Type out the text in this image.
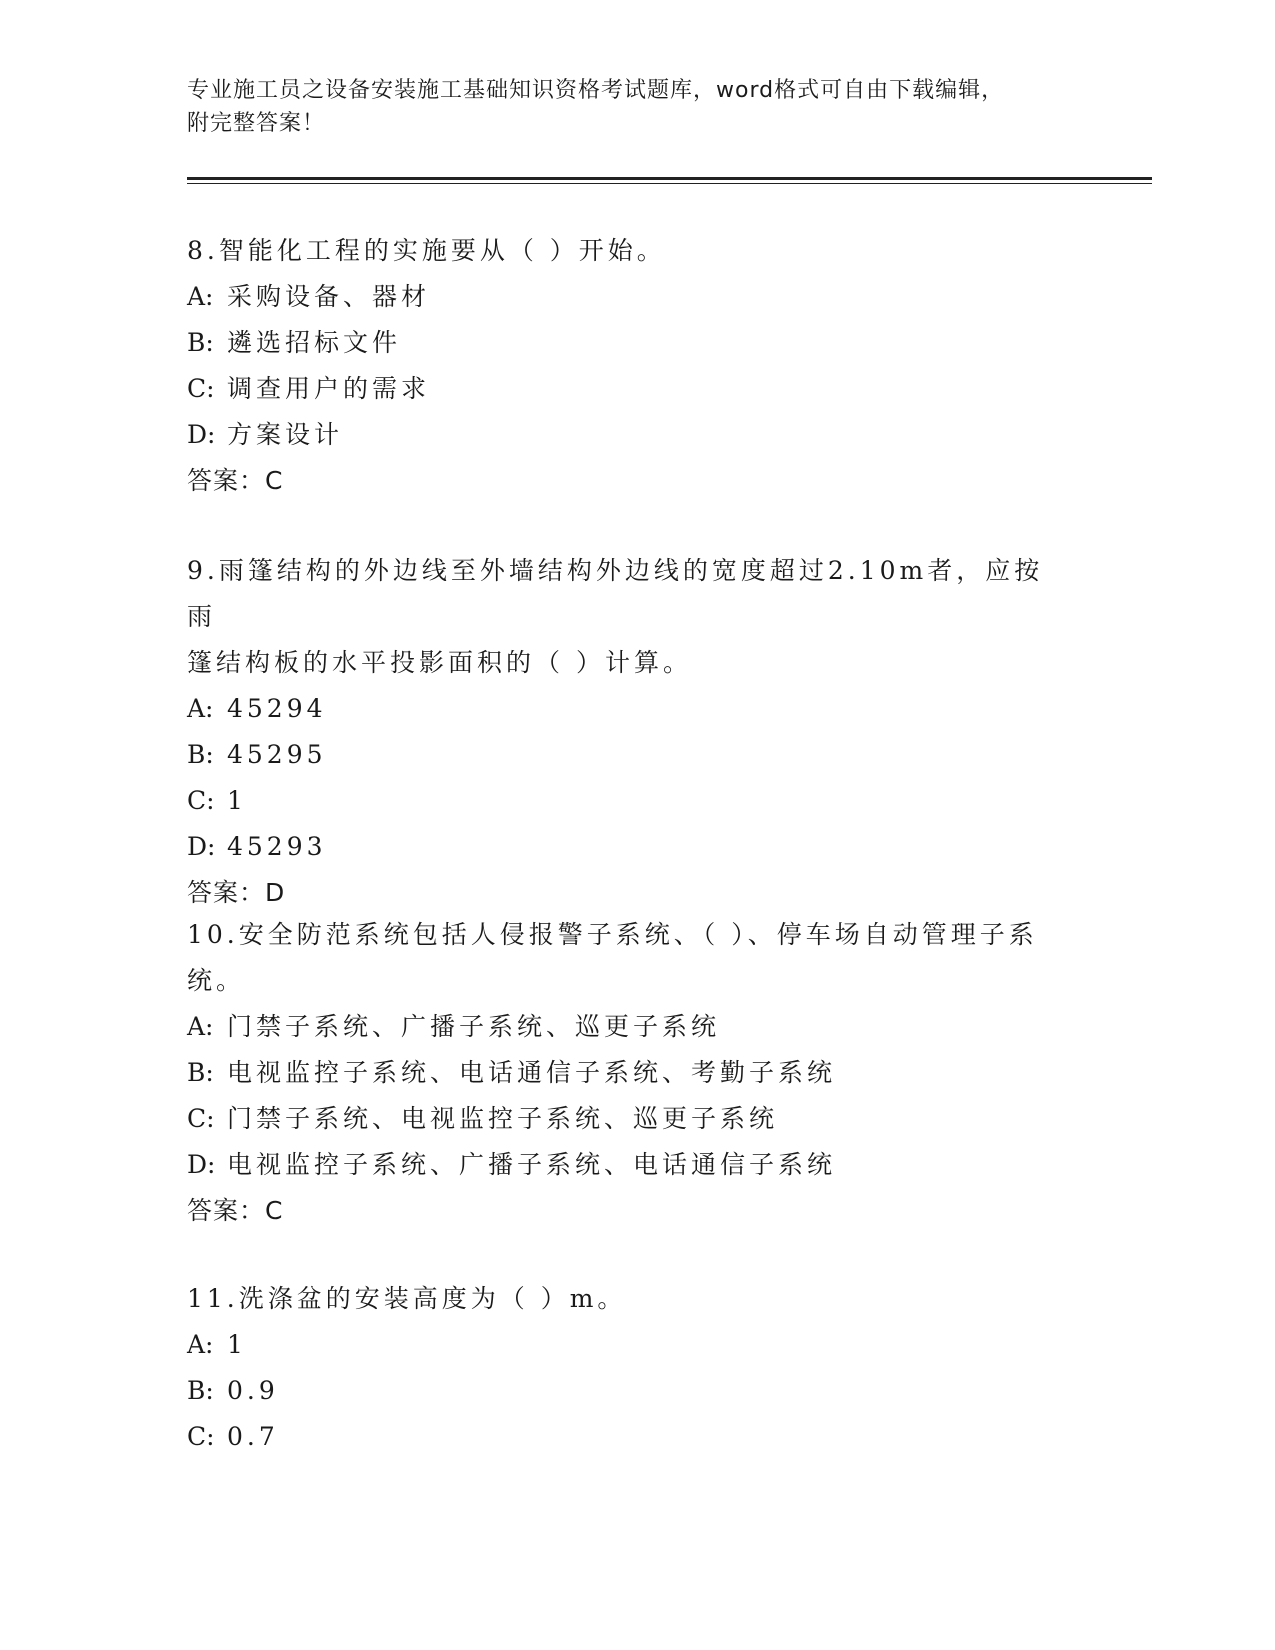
专业施工员之设备安装施工基础知识资格考试题库，word格式可自由下载编辑，
附完整答案！
8.智能化工程的实施要从（ ）开始。
A: 采购设备、器材
B: 遴选招标文件
C: 调查用户的需求
D: 方案设计
答案：C
9.雨篷结构的外边线至外墙结构外边线的宽度超过2.10m者，应按雨
篷结构板的水平投影面积的（ ）计算。
A: 45294
B: 45295
C: 1
D: 45293
答案：D
10.安全防范系统包括人侵报警子系统、（ ）、停车场自动管理子系
统。
A: 门禁子系统、广播子系统、巡更子系统
B: 电视监控子系统、电话通信子系统、考勤子系统
C: 门禁子系统、电视监控子系统、巡更子系统
D: 电视监控子系统、广播子系统、电话通信子系统
答案：C
11.洗涤盆的安装高度为（ ）m。
A: 1
B: 0.9
C: 0.7
